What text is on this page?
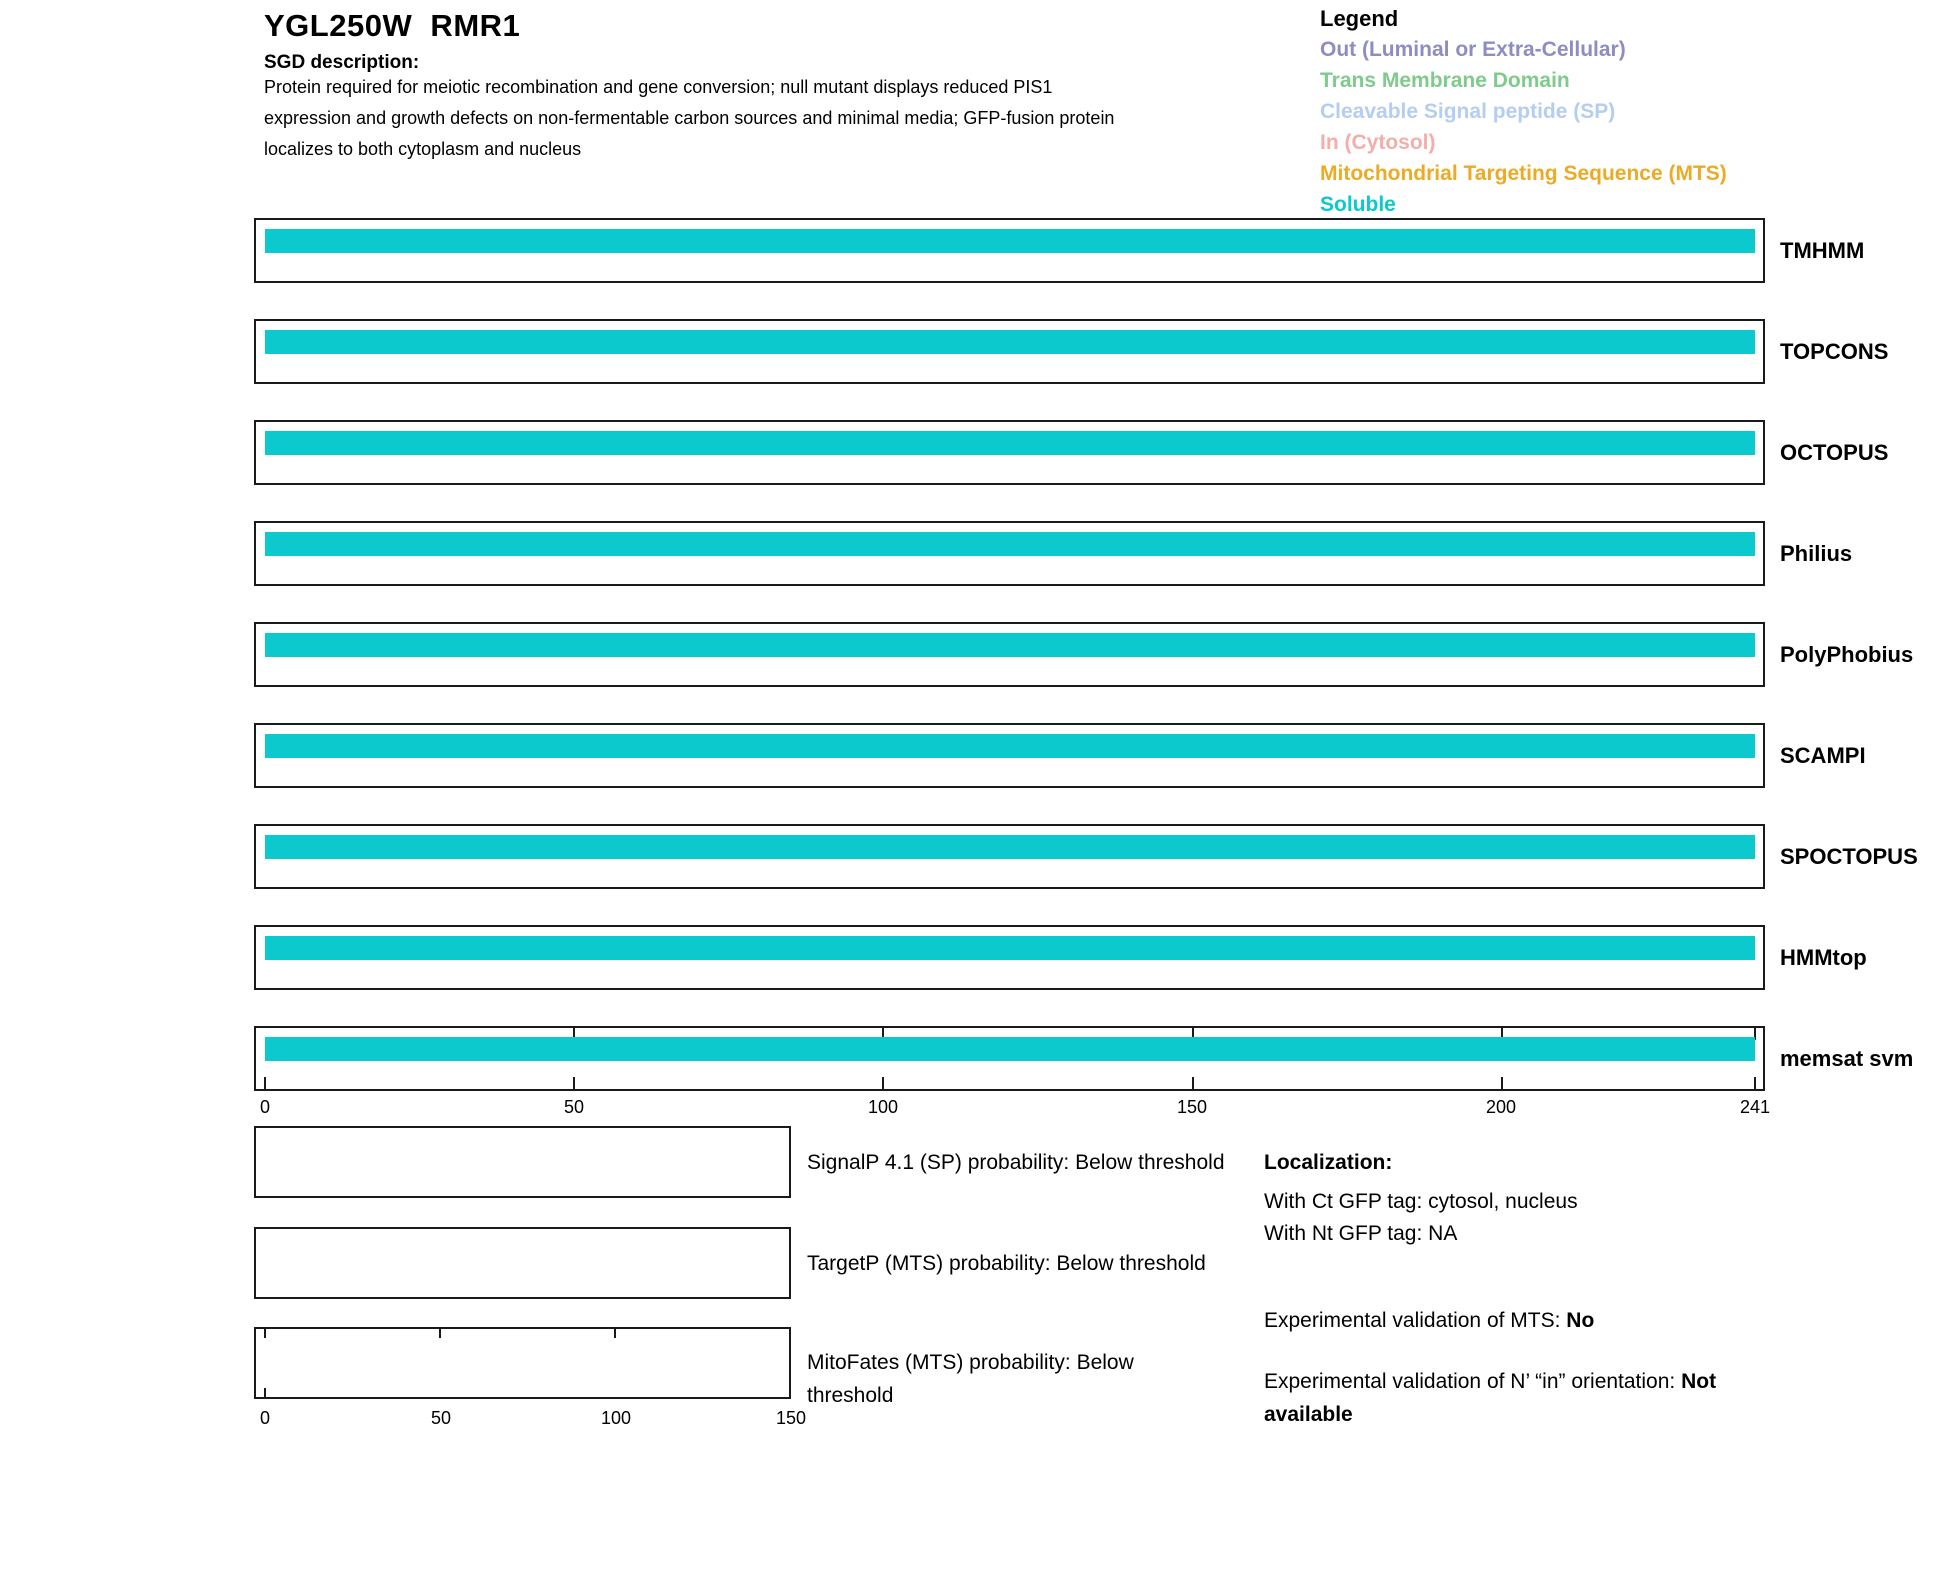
YGL250W  RMR1
SGD description:
Protein required for meiotic recombination and gene conversion; null mutant displays reduced PIS1
expression and growth defects on non-fermentable carbon sources and minimal media; GFP-fusion protein
localizes to both cytoplasm and nucleus
Legend
Out (Luminal or Extra-Cellular)
Trans Membrane Domain
Cleavable Signal peptide (SP)
In (Cytosol)
Mitochondrial Targeting Sequence (MTS)
Soluble
TMHMM
TOPCONS
OCTOPUS
Philius
PolyPhobius
SCAMPI
SPOCTOPUS
HMMtop
memsat svm
0	50	100	150	200	241
SignalP 4.1 (SP) probability: Below threshold
TargetP (MTS) probability: Below threshold
MitoFates (MTS) probability: Below threshold
0	50	100	150
Localization:
With Ct GFP tag: cytosol, nucleus
With Nt GFP tag: NA
Experimental validation of MTS: No
Experimental validation of N’ “in” orientation: Not available
